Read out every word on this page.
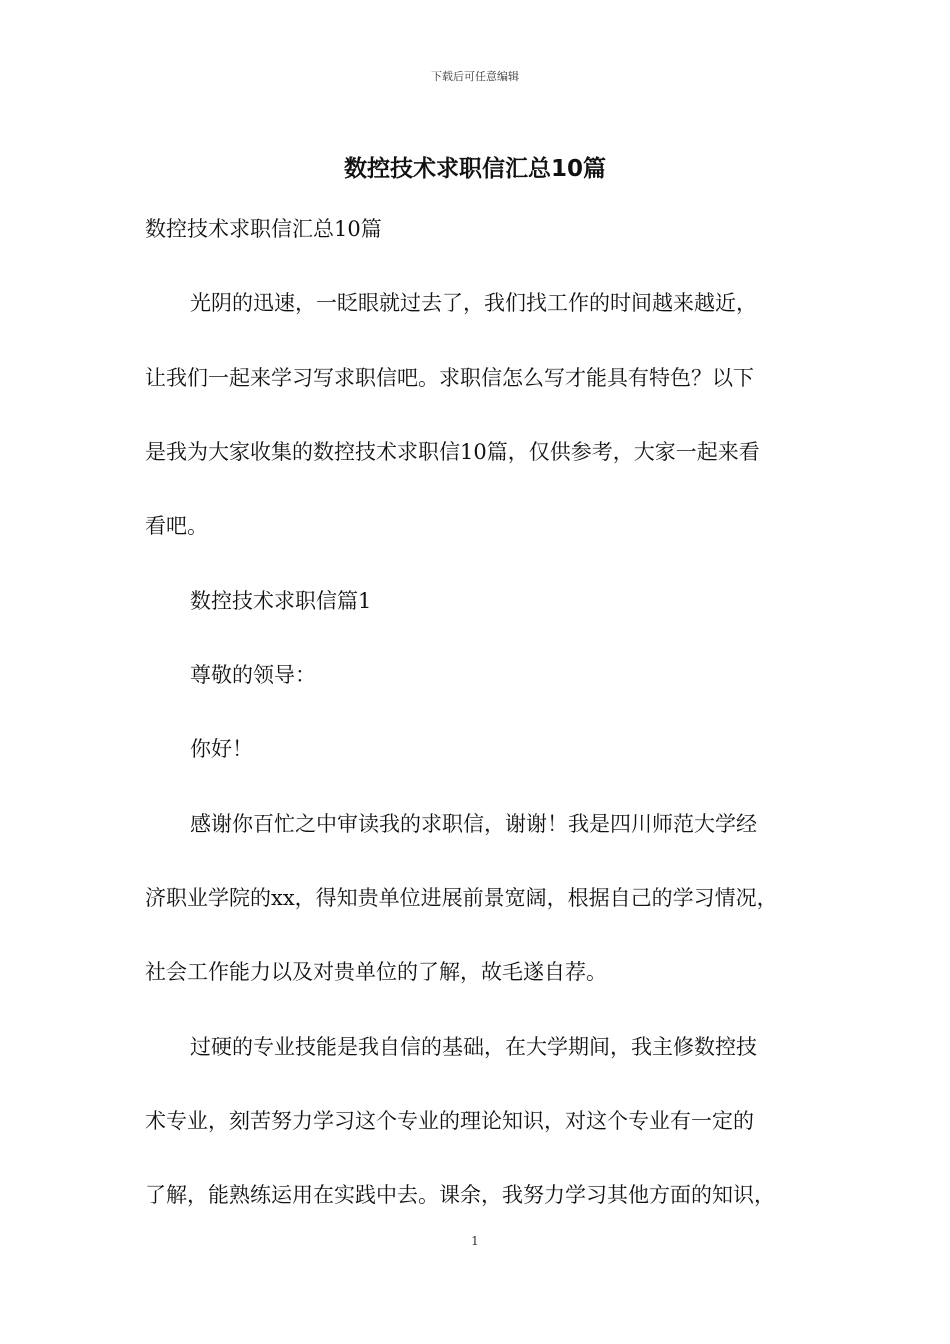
下载后可任意编辑
数控技术求职信汇总10篇
数控技术求职信汇总10篇
光阴的迅速，一眨眼就过去了，我们找工作的时间越来越近，
让我们一起来学习写求职信吧。求职信怎么写才能具有特色？以下
是我为大家收集的数控技术求职信10篇，仅供参考，大家一起来看
看吧。
数控技术求职信篇1
尊敬的领导：
你好！
感谢你百忙之中审读我的求职信，谢谢！我是四川师范大学经
济职业学院的xx，得知贵单位进展前景宽阔，根据自己的学习情况，
社会工作能力以及对贵单位的了解，故毛遂自荐。
过硬的专业技能是我自信的基础，在大学期间，我主修数控技
术专业，刻苦努力学习这个专业的理论知识，对这个专业有一定的
了解，能熟练运用在实践中去。课余，我努力学习其他方面的知识，
1
